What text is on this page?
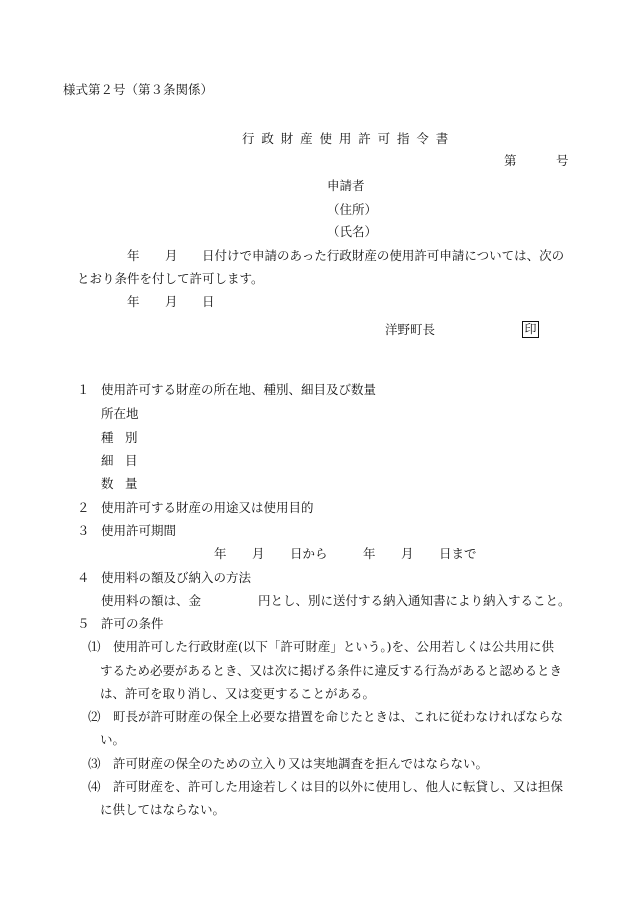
様式第２号（第３条関係）
行政財産使用許可指令書
第	号
申請者
（住所）
（氏名）
年 月 日付けで申請のあった行政財産の使用許可申請については、次の
とおり条件を付して許可します。
年 月 日
洋野町長	印
１ 使用許可する財産の所在地、種別、細目及び数量
所在地
種 別
細 目
数 量
２ 使用許可する財産の用途又は使用目的
３ 使用許可期間
年 月 日から	年 月 日まで
４ 使用料の額及び納入の方法
使用料の額は、金	円とし、別に送付する納入通知書により納入すること。
５ 許可の条件
⑴ 使用許可した行政財産(以下「許可財産」という。)を、公用若しくは公共用に供
するため必要があるとき、又は次に掲げる条件に違反する行為があると認めるとき
は、許可を取り消し、又は変更することがある。
⑵ 町長が許可財産の保全上必要な措置を命じたときは、これに従わなければならな
い。
⑶ 許可財産の保全のための立入り又は実地調査を拒んではならない。
⑷ 許可財産を、許可した用途若しくは目的以外に使用し、他人に転貸し、又は担保
に供してはならない。
